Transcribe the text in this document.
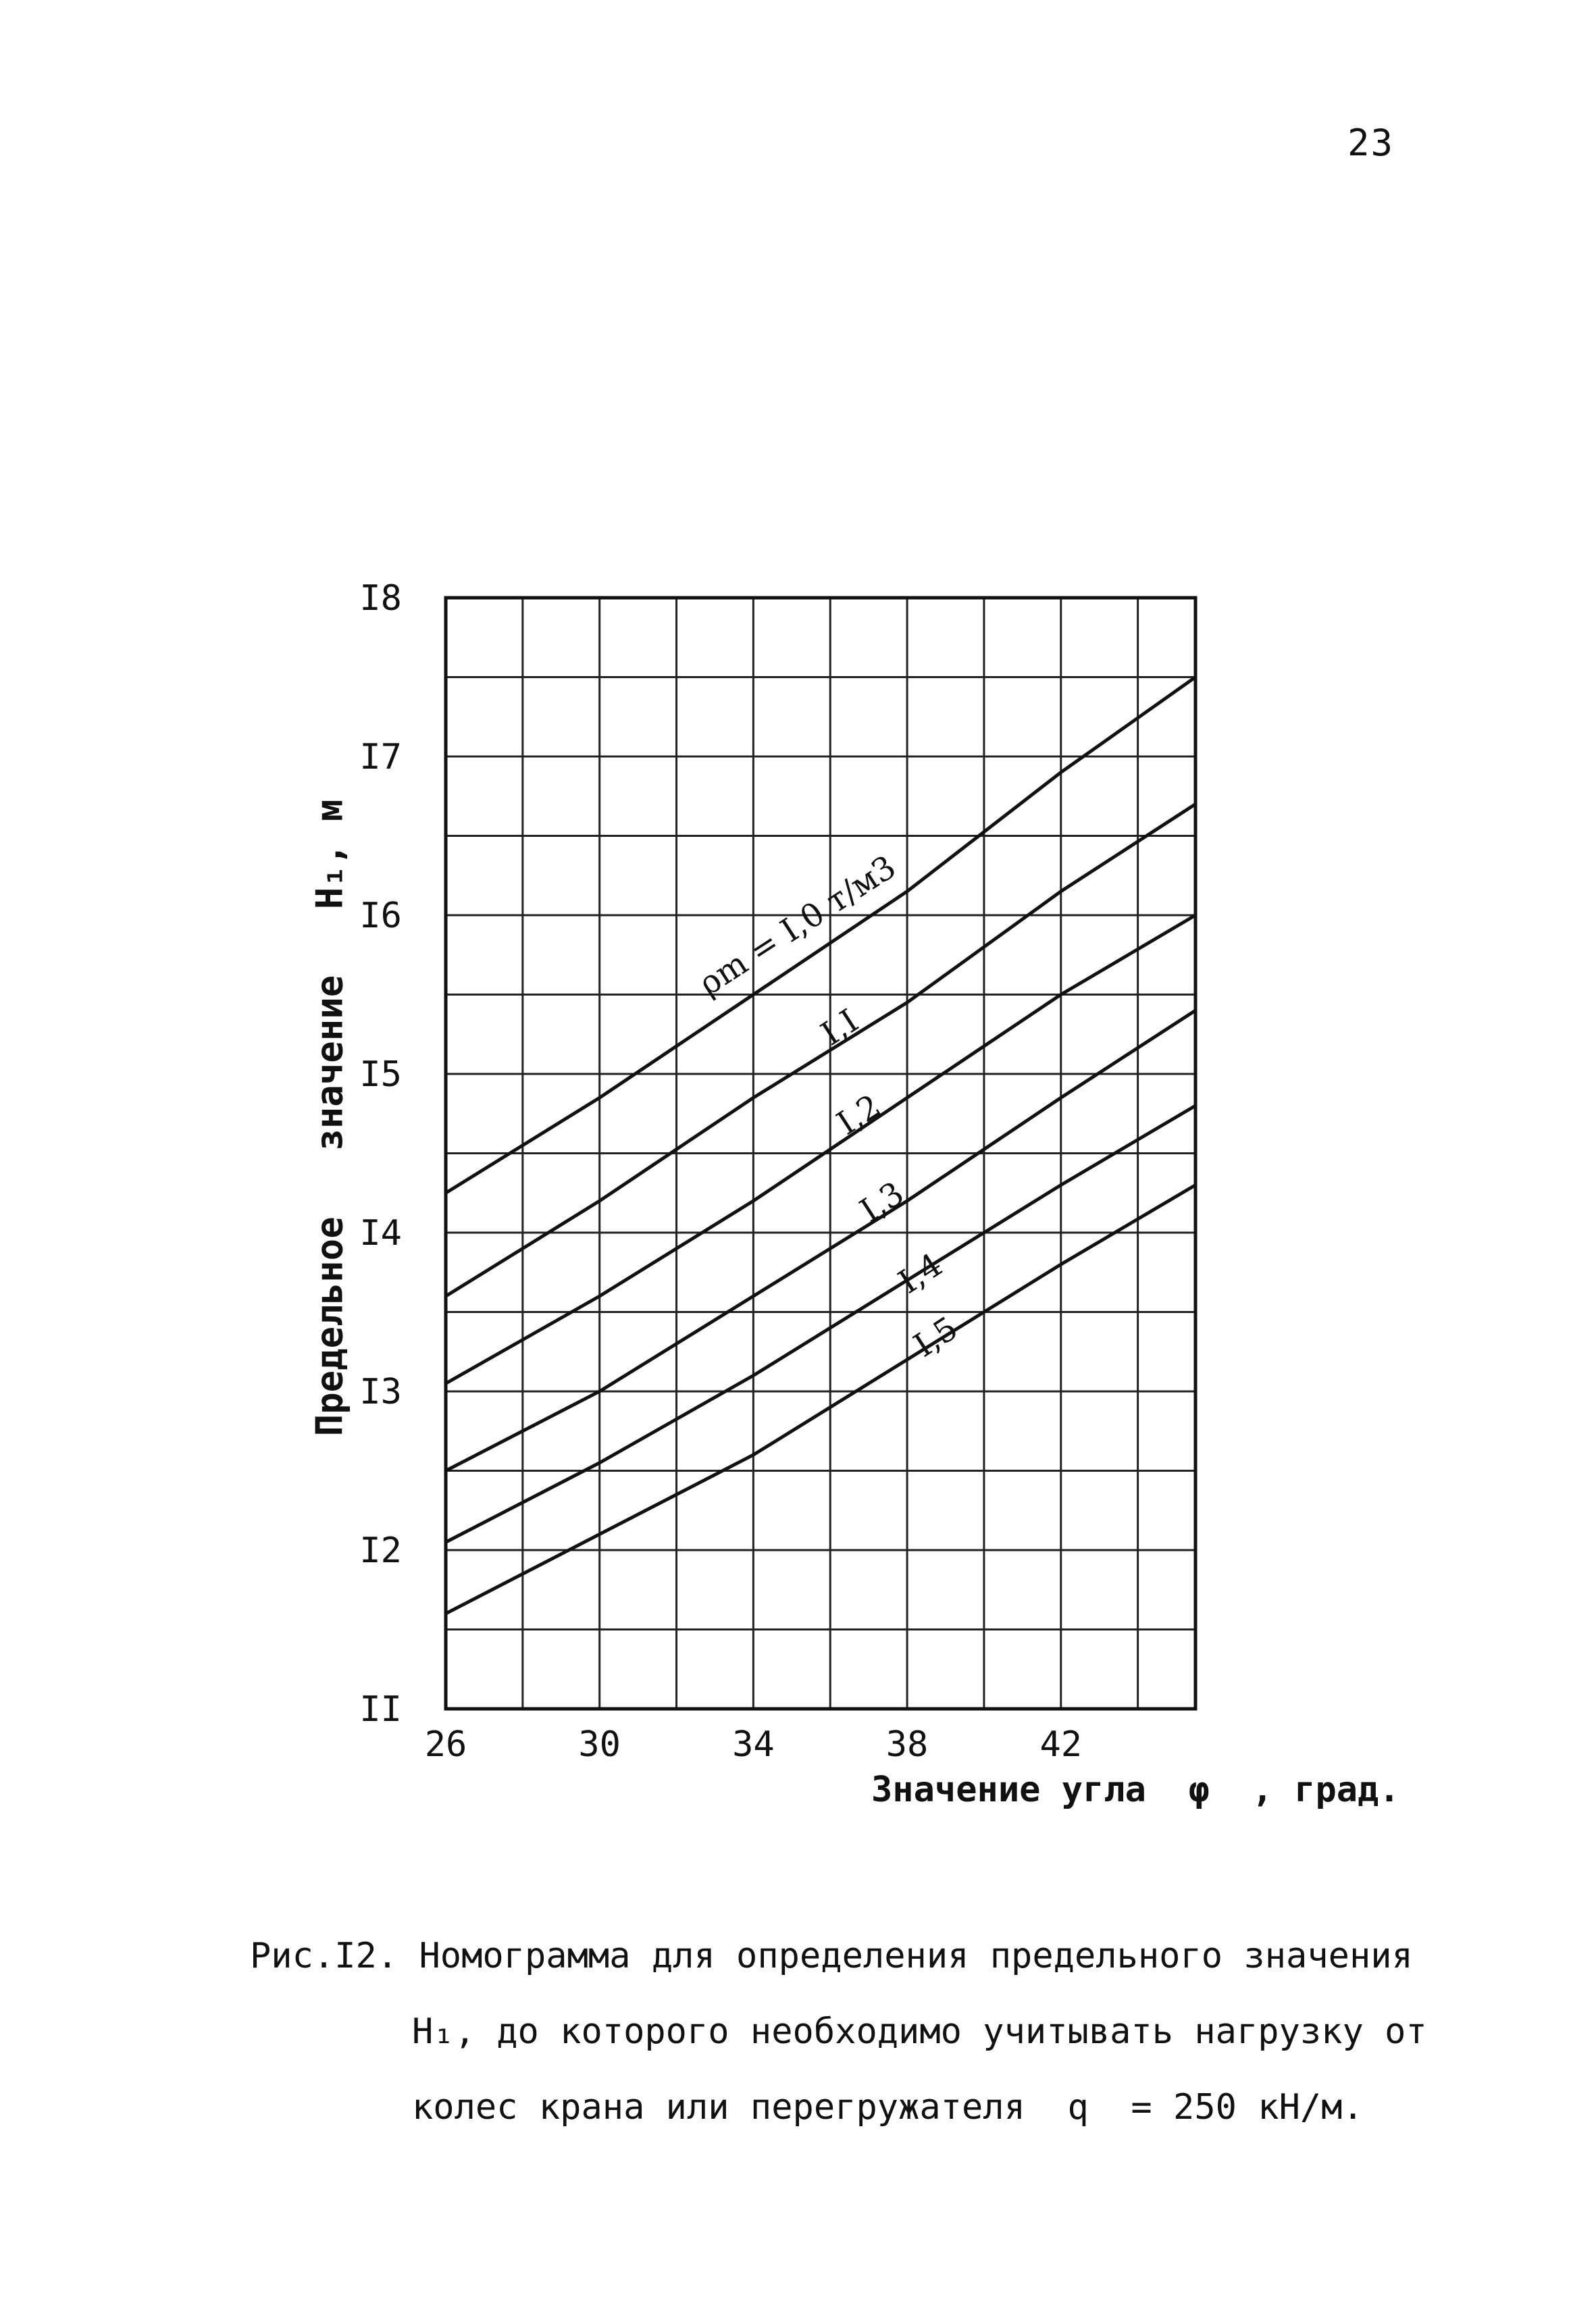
23
26	30	34	38	42
II
I2
I3
I4
I5
I6
I7
I8
ρm = I,0 т/м3
I,I
I,2
I,3
I,4
I,5
Предельное   значение   H₁, м
Значение угла  φ  , град.
Рис.I2. Номограмма для определения предельного значения
H₁, до которого необходимо учитывать нагрузку от
колес крана или перегружателя  q  = 250 кН/м.
